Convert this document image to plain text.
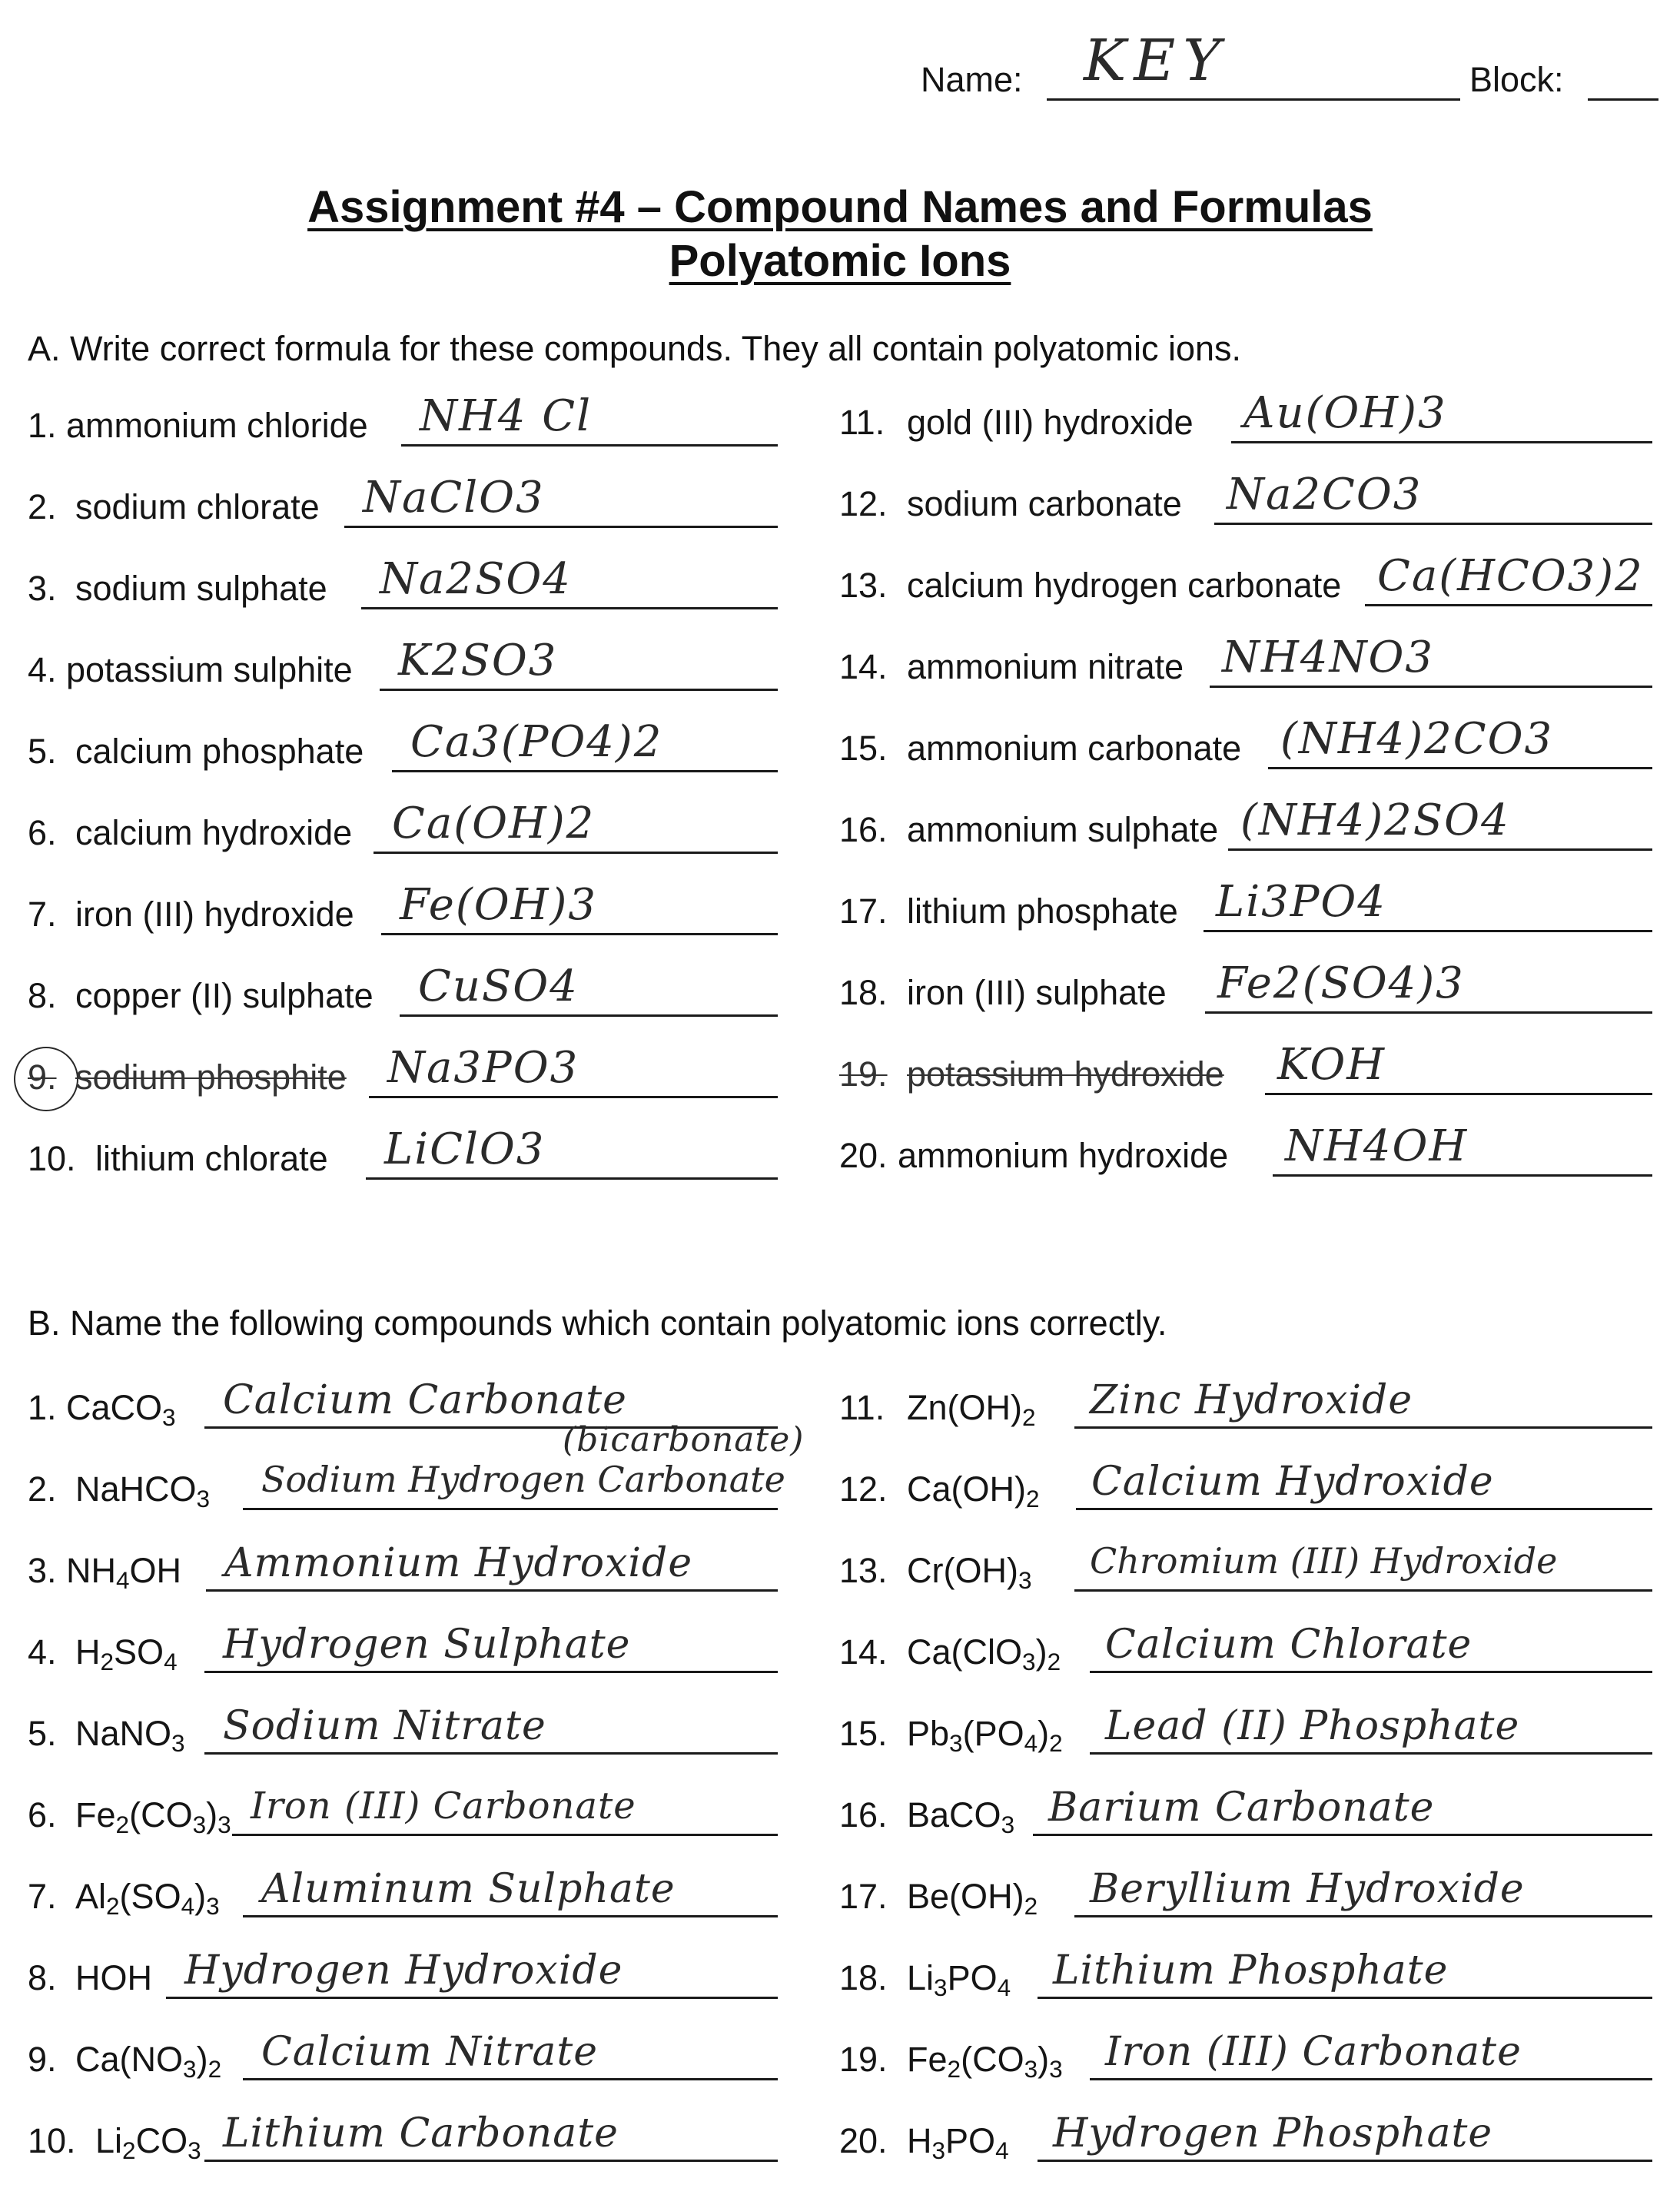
Name: KEY	Block:
Assignment #4 – Compound Names and Formulas
Polyatomic Ions
A. Write correct formula for these compounds. They all contain polyatomic ions.
1. ammonium chloride NH4 Cl
2. sodium chlorate NaClO3
3. sodium sulphate Na2SO4
4. potassium sulphite K2SO3
5. calcium phosphate Ca3(PO4)2
6. calcium hydroxide Ca(OH)2
7. iron (III) hydroxide Fe(OH)3
8. copper (II) sulphate CuSO4
9. sodium phosphite Na3PO3
10. lithium chlorate LiClO3
11. gold (III) hydroxide Au(OH)3
12. sodium carbonate Na2CO3
13. calcium hydrogen carbonate Ca(HCO3)2
14. ammonium nitrate NH4NO3
15. ammonium carbonate (NH4)2CO3
16. ammonium sulphate (NH4)2SO4
17. lithium phosphate Li3PO4
18. iron (III) sulphate Fe2(SO4)3
19. potassium hydroxide KOH
20. ammonium hydroxide NH4OH
B. Name the following compounds which contain polyatomic ions correctly.
1. CaCO$_3$ Calcium Carbonate
2. NaHCO$_3$ Sodium Hydrogen Carbonate
(bicarbonate)
3. $NH_4OH$ Ammonium Hydroxide
4. $H_2SO_4$ Hydrogen Sulphate
5. NaNO$_3$ Sodium Nitrate
6. $Fe_2(CO_3)_3$ Iron (III) Carbonate
7. $Al_2(SO_4)_3$ Aluminum Sulphate
8. HOH Hydrogen Hydroxide
9. $Ca(NO_3)_2$ Calcium Nitrate
10. $Li_2CO_3$ Lithium Carbonate
11. $Zn(OH)_2$ Zinc Hydroxide
12. $Ca(OH)_2$ Calcium Hydroxide
13. $Cr(OH)_3$ Chromium (III) Hydroxide
14. $Ca(ClO_3)_2$ Calcium Chlorate
15. $Pb_3(PO_4)_2$ Lead (II) Phosphate
16. BaCO$_3$ Barium Carbonate
17. $Be(OH)_2$ Beryllium Hydroxide
18. $Li_3PO_4$ Lithium Phosphate
19. $Fe_2(CO_3)_3$ Iron (III) Carbonate
20. $H_3PO_4$ Hydrogen Phosphate
